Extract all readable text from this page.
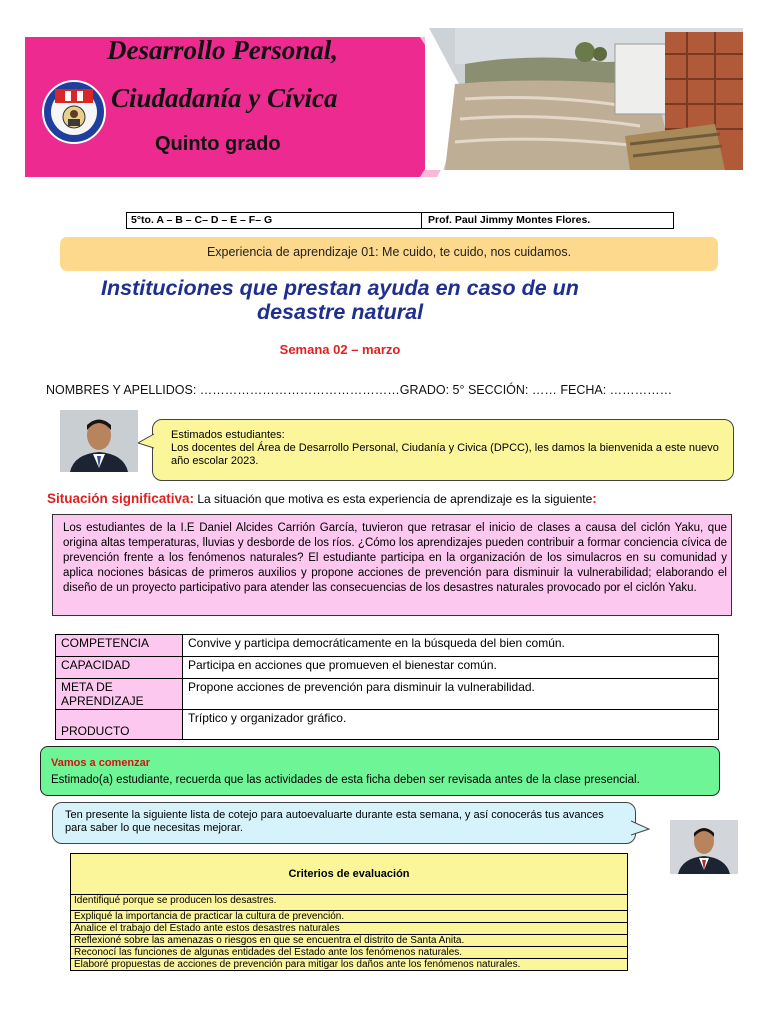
Desarrollo Personal,
Ciudadanía y Cívica
Quinto grado
5°to. A – B – C– D – E – F– G	Prof. Paul Jimmy Montes Flores.
Experiencia de aprendizaje 01: Me cuido, te cuido, nos cuidamos.
Instituciones que prestan ayuda en caso de un
desastre natural
Semana 02 – marzo
NOMBRES Y APELLIDOS: …………………………………………GRADO: 5° SECCIÓN: …… FECHA: ……………
Estimados estudiantes:
Los docentes del Área de Desarrollo Personal, Ciudanía y Civica (DPCC), les damos la bienvenida a este nuevo año escolar 2023.
Situación significativa: La situación que motiva es esta experiencia de aprendizaje es la siguiente:
Los estudiantes de la I.E Daniel Alcides Carrión García, tuvieron que retrasar el inicio de clases a causa del ciclón Yaku, que origina altas temperaturas, lluvias y desborde de los ríos. ¿Cómo los aprendizajes pueden contribuir a formar conciencia cívica de prevención frente a los fenómenos naturales? El estudiante participa en la organización de los simulacros en su comunidad y aplica nociones básicas de primeros auxilios y propone acciones de prevención para disminuir la vulnerabilidad; elaborando el diseño de un proyecto participativo para atender las consecuencias de los desastres naturales provocado por el ciclón Yaku.
COMPETENCIA	Convive y participa democráticamente en la búsqueda del bien común.
CAPACIDAD	Participa en acciones que promueven el bienestar común.
META DE APRENDIZAJE	Propone acciones de prevención para disminuir la vulnerabilidad.
PRODUCTO	Tríptico y organizador gráfico.
Vamos a comenzar
Estimado(a) estudiante, recuerda que las actividades de esta ficha deben ser revisada antes de la clase presencial.
Ten presente la siguiente lista de cotejo para autoevaluarte durante esta semana, y así conocerás tus avances para saber lo que necesitas mejorar.
Criterios de evaluación
Identifiqué porque se producen los desastres.
Expliqué la importancia de practicar la cultura de prevención.
Analice el trabajo del Estado ante estos desastres naturales
Reflexioné sobre las amenazas o riesgos en que se encuentra el distrito de Santa Anita.
Reconocí las funciones de algunas entidades del Estado ante los fenómenos naturales.
Elaboré propuestas de acciones de prevención para mitigar los daños ante los fenómenos naturales.
